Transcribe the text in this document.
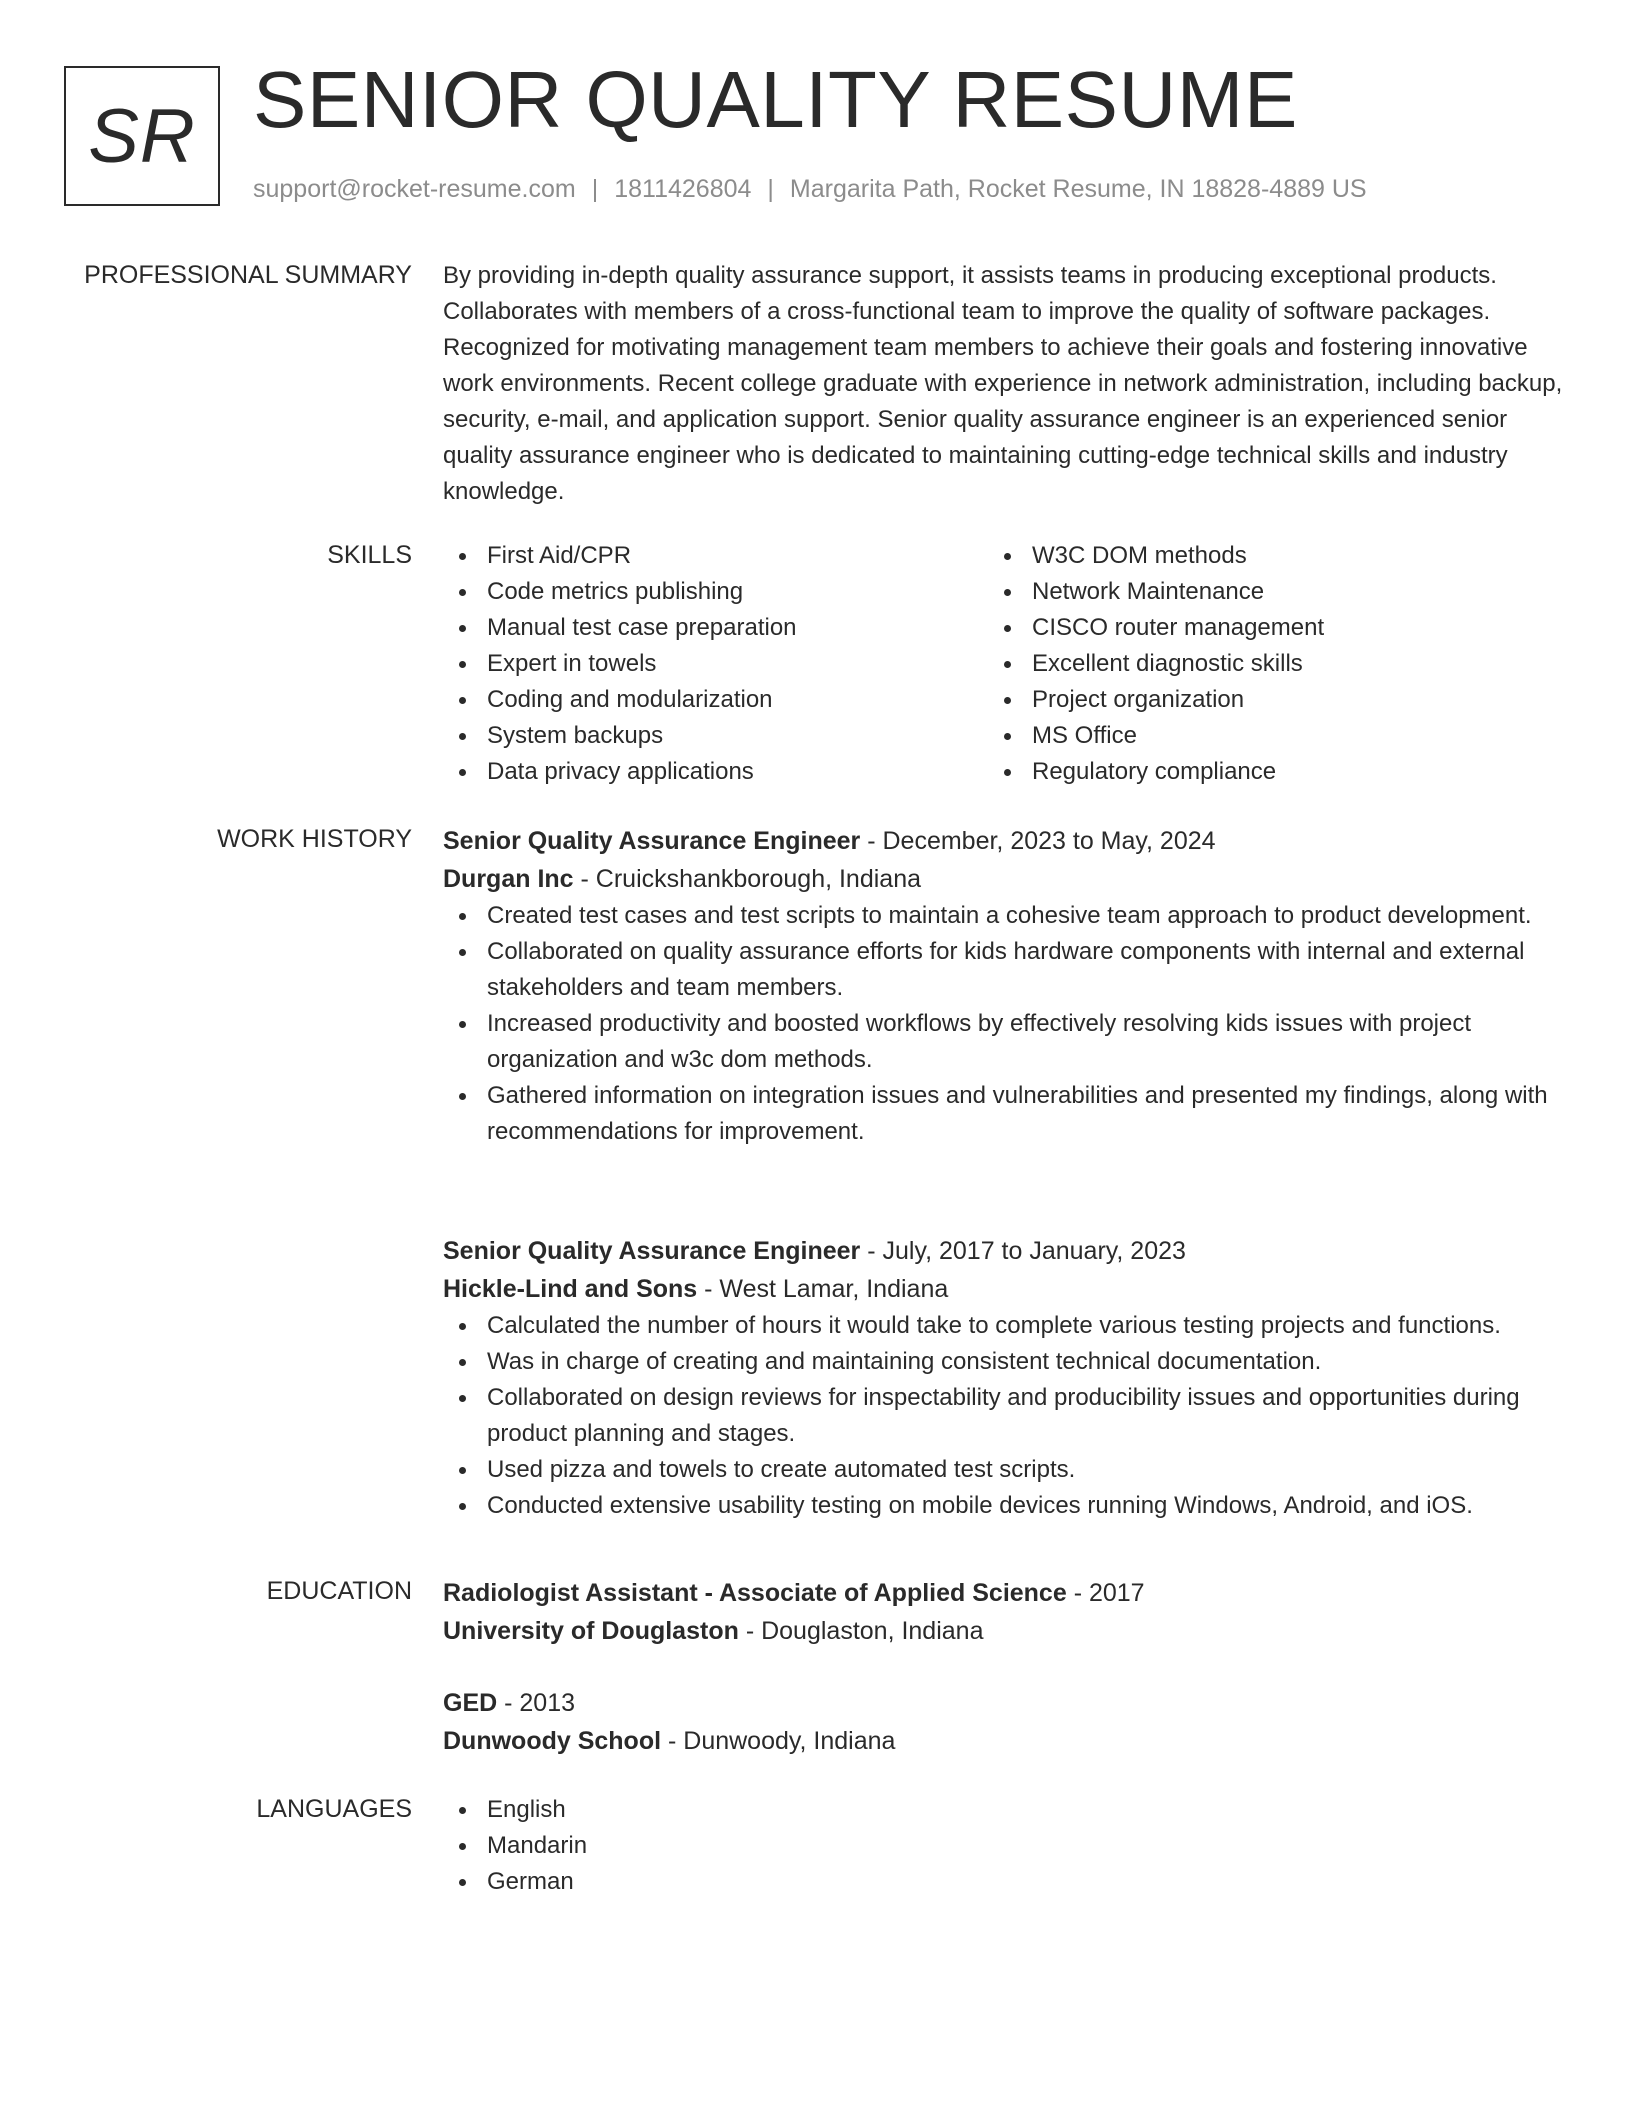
SR SENIOR QUALITY RESUME
support@rocket-resume.com | 1811426804 | Margarita Path, Rocket Resume, IN 18828-4889 US
PROFESSIONAL SUMMARY By providing in-depth quality assurance support, it assists teams in producing exceptional products. Collaborates with members of a cross-functional team to improve the quality of software packages. Recognized for motivating management team members to achieve their goals and fostering innovative work environments. Recent college graduate with experience in network administration, including backup, security, e-mail, and application support. Senior quality assurance engineer is an experienced senior quality assurance engineer who is dedicated to maintaining cutting-edge technical skills and industry knowledge.

SKILLS	First Aid/CPR
Code metrics publishing
Manual test case preparation
Expert in towels
Coding and modularization
System backups
Data privacy applications
W3C DOM methods
Network Maintenance
CISCO router management
Excellent diagnostic skills
Project organization
MS Office
Regulatory compliance
WORK HISTORY Senior Quality Assurance Engineer - December, 2023 to May, 2024
Durgan Inc - Cruickshankborough, Indiana
Created test cases and test scripts to maintain a cohesive team approach to product development.
Collaborated on quality assurance efforts for kids hardware components with internal and external stakeholders and team members.
Increased productivity and boosted workflows by effectively resolving kids issues with project organization and w3c dom methods.
Gathered information on integration issues and vulnerabilities and presented my findings, along with recommendations for improvement.
Senior Quality Assurance Engineer - July, 2017 to January, 2023
Hickle-Lind and Sons - West Lamar, Indiana
Calculated the number of hours it would take to complete various testing projects and functions.
Was in charge of creating and maintaining consistent technical documentation.
Collaborated on design reviews for inspectability and producibility issues and opportunities during product planning and stages.
Used pizza and towels to create automated test scripts.
Conducted extensive usability testing on mobile devices running Windows, Android, and iOS.
EDUCATION Radiologist Assistant - Associate of Applied Science - 2017
University of Douglaston - Douglaston, Indiana
GED - 2013
Dunwoody School - Dunwoody, Indiana
LANGUAGES	English
Mandarin
German
